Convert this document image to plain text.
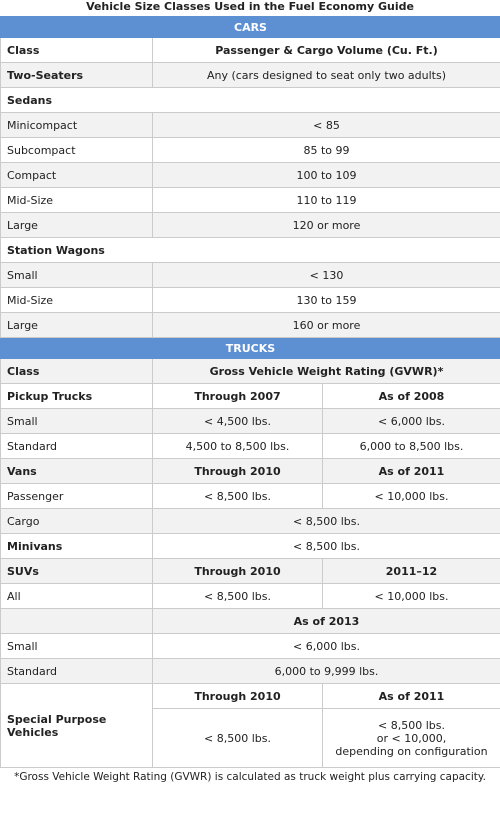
Vehicle Size Classes Used in the Fuel Economy Guide
CARS		
Class	Passenger & Cargo Volume (Cu. Ft.)	
Two-Seaters	Any (cars designed to seat only two adults)	
Sedans		
Minicompact	< 85	
Subcompact	85 to 99	
Compact	100 to 109	
Mid-Size	110 to 119	
Large	120 or more	
Station Wagons		
Small	< 130	
Mid-Size	130 to 159	
Large	160 or more	
TRUCKS		
Class	Gross Vehicle Weight Rating (GVWR)*	
Pickup Trucks	Through 2007	As of 2008
Small	< 4,500 lbs.	< 6,000 lbs.
Standard	4,500 to 8,500 lbs.	6,000 to 8,500 lbs.
Vans	Through 2010	As of 2011
Passenger	< 8,500 lbs.	< 10,000 lbs.
Cargo	< 8,500 lbs.	
Minivans	< 8,500 lbs.	
SUVs	Through 2010	2011–12
All	< 8,500 lbs.	< 10,000 lbs.
	As of 2013	
Small	< 6,000 lbs.	
Standard	6,000 to 9,999 lbs.	
Special Purpose Vehicles	Through 2010	As of 2011
	< 8,500 lbs.	< 8,500 lbs.
or < 10,000,
depending on configuration
*Gross Vehicle Weight Rating (GVWR) is calculated as truck weight plus carrying capacity.
